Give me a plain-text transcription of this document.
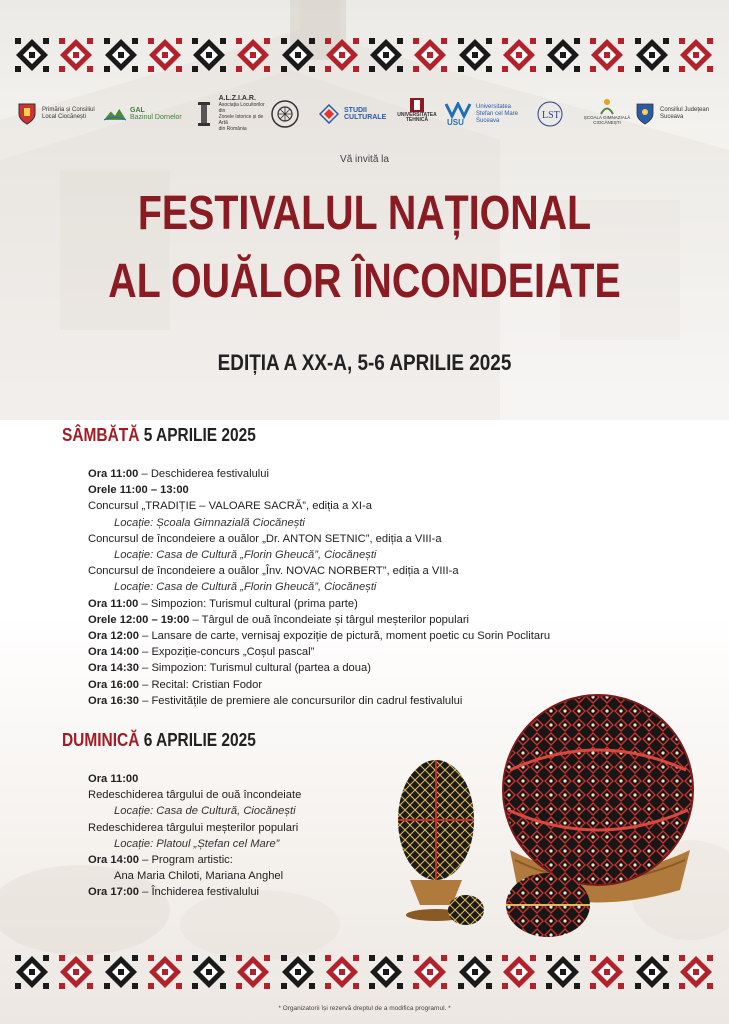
Primăria și Consiliul
Local Ciocănești
GAL
Bazinul Dornelor
A.L.Z.I.A.R.
Asociația Locuitorilor din
Zonele Istorice și de Artă
din România
STUDII
CULTURALE UNIVERSITATEA
TEHNICĂ	USU
Universitatea
Ștefan cel Mare
Suceava	LST	ȘCOALA GIMNAZIALĂ
CIOCĂNEȘTI
Consiliul Județean
Suceava
Vă invită la
FESTIVALUL NAȚIONAL
AL OUĂLOR ÎNCONDEIATE
EDIȚIA A XX-A, 5-6 APRILIE 2025
SÂMBĂTĂ 5 APRILIE 2025
Ora 11:00 – Deschiderea festivalului
Orele 11:00 – 13:00
Concursul „TRADIȚIE – VALOARE SACRĂ”, ediția a XI-a
Locație: Școala Gimnazială Ciocănești
Concursul de încondeiere a ouălor „Dr. ANTON SETNIC”, ediția a VIII-a
Locație: Casa de Cultură „Florin Gheucă”, Ciocănești
Concursul de încondeiere a ouălor „Înv. NOVAC NORBERT”, ediția a VIII-a
Locație: Casa de Cultură „Florin Gheucă”, Ciocănești
Ora 11:00 – Simpozion: Turismul cultural (prima parte)
Orele 12:00 – 19:00 – Târgul de ouă încondeiate și târgul meșterilor populari
Ora 12:00 – Lansare de carte, vernisaj expoziție de pictură, moment poetic cu Sorin Poclitaru
Ora 14:00 – Expoziție-concurs „Coșul pascal”
Ora 14:30 – Simpozion: Turismul cultural (partea a doua)
Ora 16:00 – Recital: Cristian Fodor
Ora 16:30 – Festivitățile de premiere ale concursurilor din cadrul festivalului
DUMINICĂ 6 APRILIE 2025
Ora 11:00
Redeschiderea târgului de ouă încondeiate
Locație: Casa de Cultură, Ciocănești
Redeschiderea târgului meșterilor populari
Locație: Platoul „Ștefan cel Mare”
Ora 14:00 – Program artistic:
Ana Maria Chiloti, Mariana Anghel
Ora 17:00 – Închiderea festivalului
* Organizatorii își rezervă dreptul de a modifica programul. *
